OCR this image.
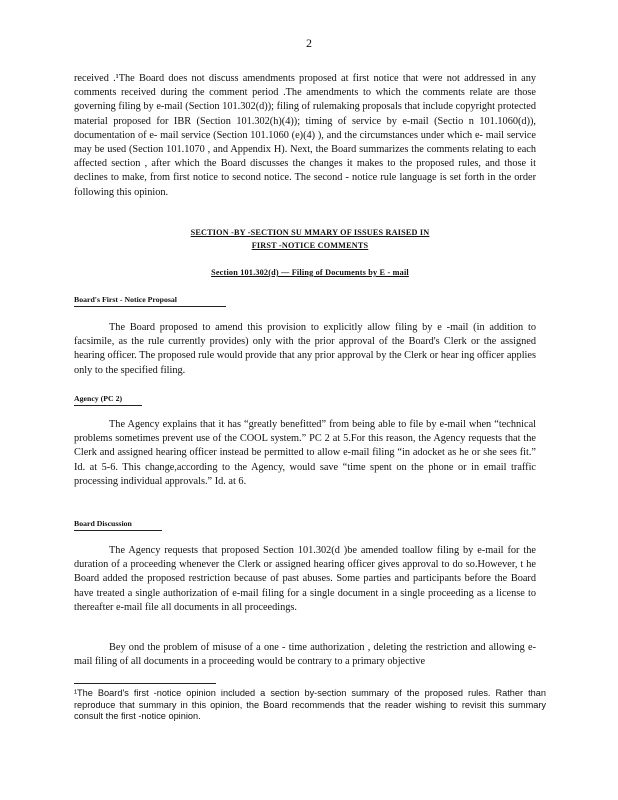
2
received .¹The Board does not discuss amendments proposed at first notice that were not addressed in any comments received during the comment period .The amendments to which the comments relate are those governing filing by e-mail (Section 101.302(d)); filing of rulemaking proposals that include copyright protected material proposed for IBR (Section 101.302(h)(4)); timing of service by e-mail (Sectio n 101.1060(d)), documentation of e- mail service (Section 101.1060 (e)(4) ), and the circumstances under which e- mail service may be used (Section 101.1070 , and Appendix H). Next, the Board summarizes the comments relating to each affected section , after which the Board discusses the changes it makes to the proposed rules, and those it declines to make, from first notice to second notice. The second - notice rule language is set forth in the order following this opinion.
SECTION -BY -SECTION SU MMARY OF ISSUES RAISED IN
FIRST -NOTICE COMMENTS
Section 101.302(d) — Filing of Documents by E - mail
Board's First - Notice Proposal
The Board proposed to amend this provision to explicitly allow filing by e -mail (in addition to facsimile, as the rule currently provides) only with the prior approval of the Board's Clerk or the assigned hearing officer. The proposed rule would provide that any prior approval by the Clerk or hear ing officer applies only to the specified filing.
Agency (PC 2)
The Agency explains that it has “greatly benefitted” from being able to file by e-mail when “technical problems sometimes prevent use of the COOL system.” PC 2 at 5.For this reason, the Agency requests that the Clerk and assigned hearing officer instead be permitted to allow e-mail filing “in adocket as he or she sees fit.” Id. at 5-6. This change,according to the Agency, would save “time spent on the phone or in email traffic processing individual approvals.” Id. at 6.
Board Discussion
The Agency requests that proposed Section 101.302(d )be amended toallow filing by e-mail for the duration of a proceeding whenever the Clerk or assigned hearing officer gives approval to do so.However, t he Board added the proposed restriction because of past abuses. Some parties and participants before the Board have treated a single authorization of e-mail filing for a single document in a single proceeding as a license to thereafter e-mail file all documents in all proceedings.
Bey ond the problem of misuse of a one - time authorization , deleting the restriction and allowing e-mail filing of all documents in a proceeding would be contrary to a primary objective
¹The Board's first -notice opinion included a section by-section summary of the proposed rules. Rather than reproduce that summary in this opinion, the Board recommends that the reader wishing to revisit this summary consult the first -notice opinion.
